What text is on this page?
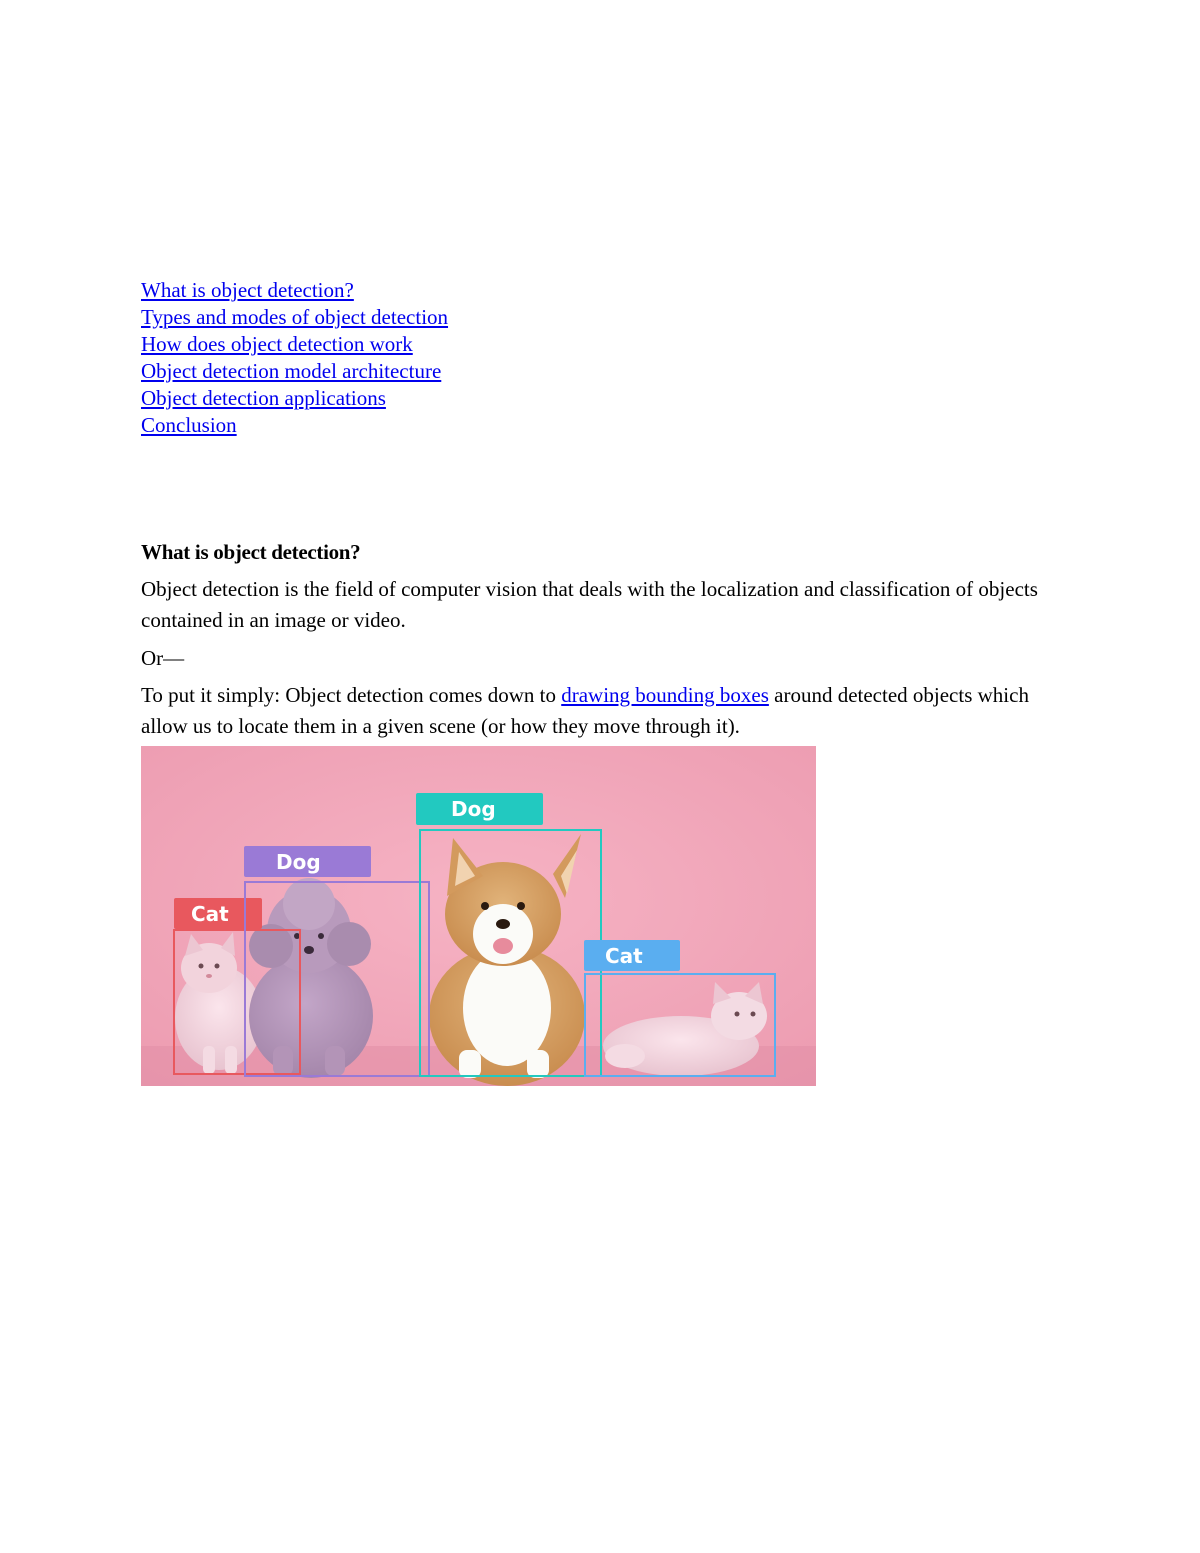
What is object detection?
Types and modes of object detection
How does object detection work
Object detection model architecture
Object detection applications
Conclusion
What is object detection?

Object detection is the field of computer vision that deals with the localization and classification of objects contained in an image or video.

Or—

To put it simply: Object detection comes down to drawing bounding boxes around detected objects which allow us to locate them in a given scene (or how they move through it).

Cat
Dog
Dog
Cat
